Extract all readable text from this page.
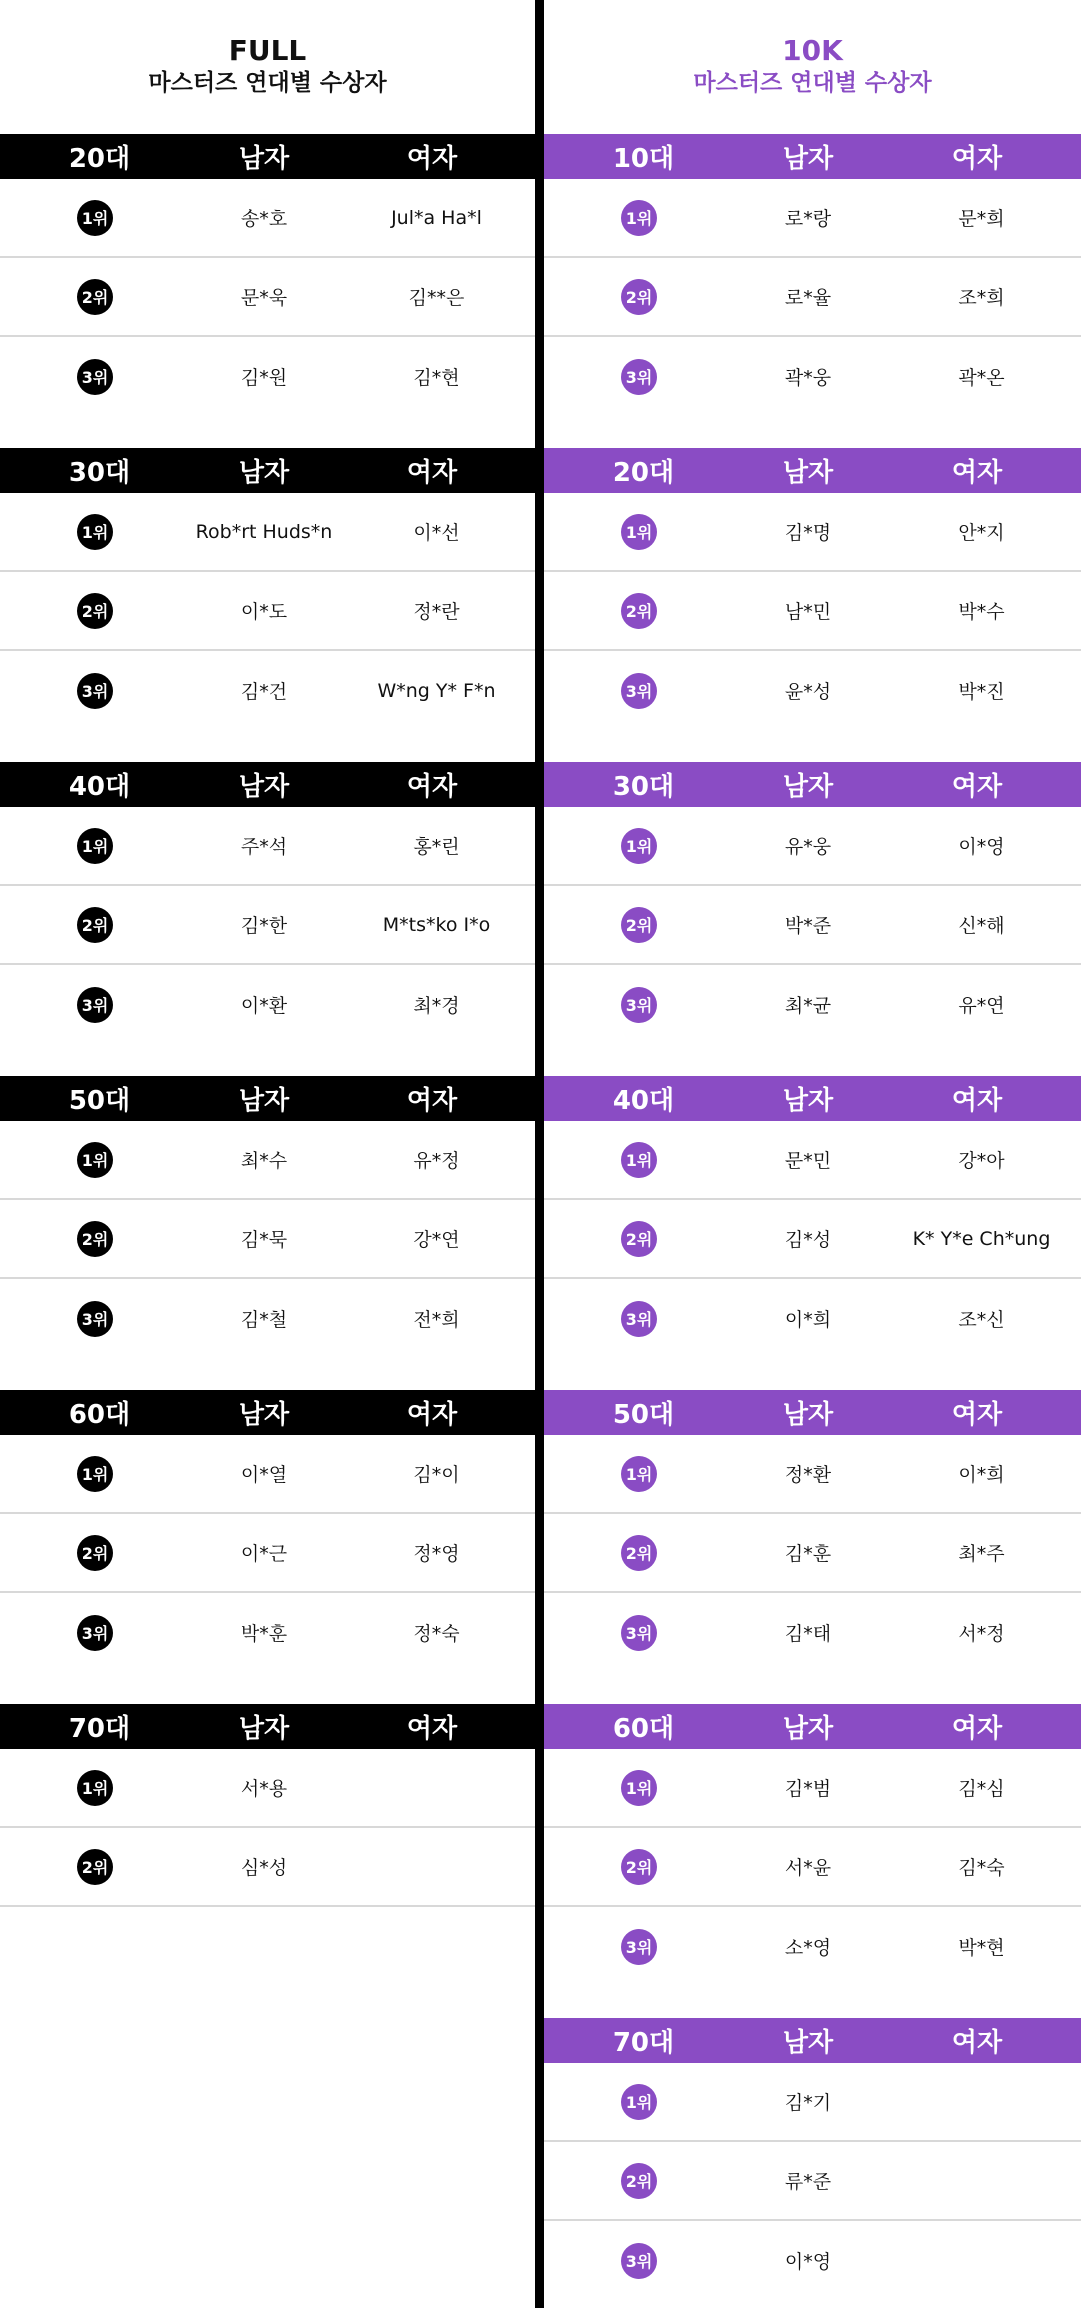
FULL
마스터즈 연대별 수상자
20대	남자	여자
1위	송*호	Jul*a Ha*l
2위	문*욱	김**은
3위	김*원	김*현
30대	남자	여자
1위	Rob*rt Huds*n	이*선
2위	이*도	정*란
3위	김*건	W*ng Y* F*n
40대	남자	여자
1위	주*석	홍*린
2위	김*한	M*ts*ko I*o
3위	이*환	최*경
50대	남자	여자
1위	최*수	유*정
2위	김*묵	강*연
3위	김*철	전*희
60대	남자	여자
1위	이*열	김*이
2위	이*근	정*영
3위	박*훈	정*숙
70대	남자	여자
1위	서*용
2위	심*성
10K
마스터즈 연대별 수상자
10대	남자	여자
1위	로*랑	문*희
2위	로*율	조*희
3위	곽*웅	곽*온
20대	남자	여자
1위	김*명	안*지
2위	남*민	박*수
3위	윤*성	박*진
30대	남자	여자
1위	유*웅	이*영
2위	박*준	신*해
3위	최*균	유*연
40대	남자	여자
1위	문*민	강*아
2위	김*성	K* Y*e Ch*ung
3위	이*희	조*신
50대	남자	여자
1위	정*환	이*희
2위	김*훈	최*주
3위	김*태	서*정
60대	남자	여자
1위	김*범	김*심
2위	서*윤	김*숙
3위	소*영	박*현
70대	남자	여자
1위	김*기
2위	류*준
3위	이*영
